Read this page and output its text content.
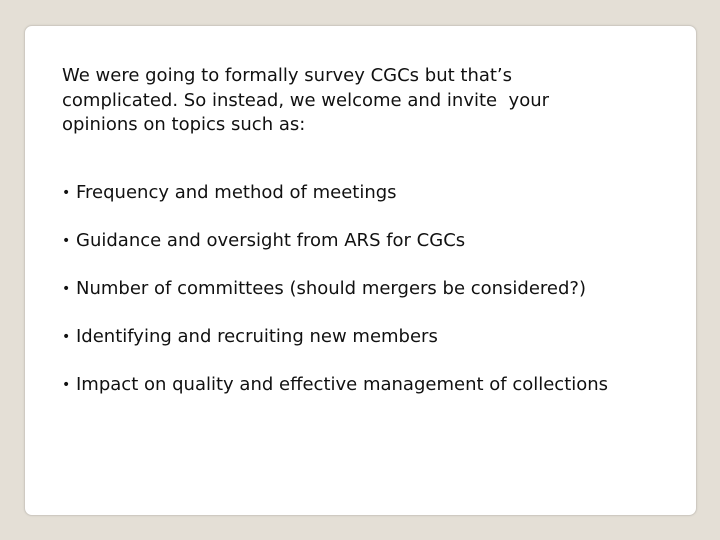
We were going to formally survey CGCs but that’s
complicated. So instead, we welcome and invite  your
opinions on topics such as:

• Frequency and method of meetings
• Guidance and oversight from ARS for CGCs
• Number of committees (should mergers be considered?)
• Identifying and recruiting new members
• Impact on quality and effective management of collections
